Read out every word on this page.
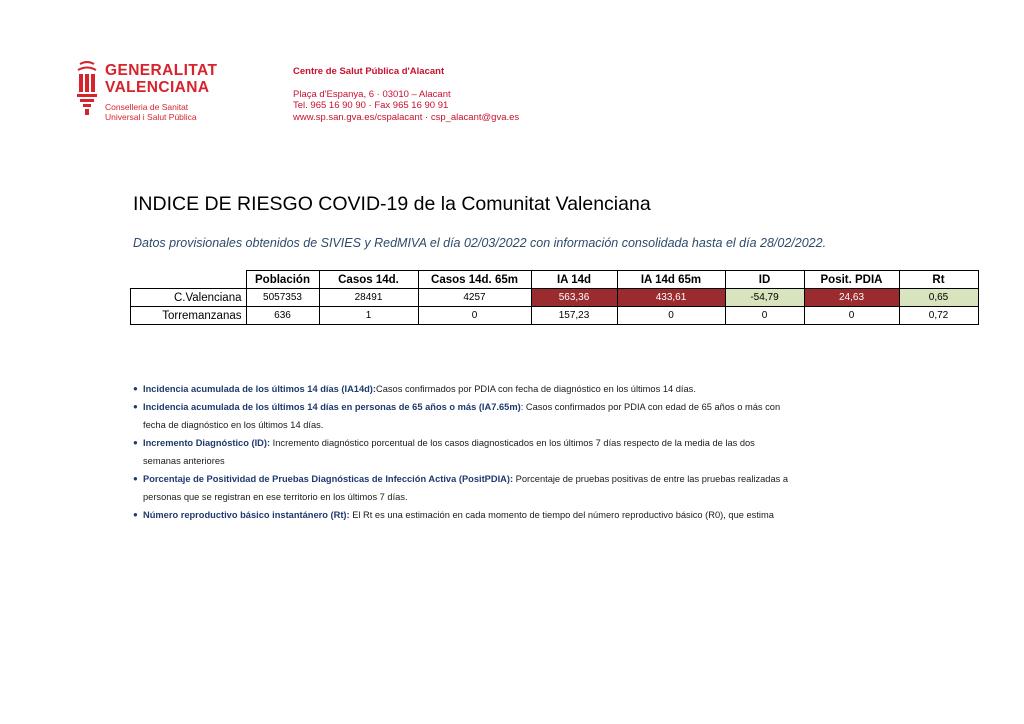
GENERALITAT
VALENCIANA
Conselleria de Sanitat
Universal i Salut Pública
Centre de Salut Pública d'Alacant
Plaça d'Espanya, 6 · 03010 – Alacant
Tel. 965 16 90 90 · Fax 965 16 90 91
www.sp.san.gva.es/cspalacant · csp_alacant@gva.es
INDICE DE RIESGO COVID-19 de la Comunitat Valenciana
Datos provisionales obtenidos de SIVIES y RedMIVA el día 02/03/2022 con información consolidada hasta el día 28/02/2022.
	Población	Casos 14d.	Casos 14d. 65m	IA 14d	IA 14d 65m	ID	Posit. PDIA	Rt
C.Valenciana	5057353	28491	4257	563,36	433,61	-54,79	24,63	0,65
Torremanzanas	636	1	0	157,23	0	0	0	0,72
● Incidencia acumulada de los últimos 14 días (IA14d):Casos confirmados por PDIA con fecha de diagnóstico en los últimos 14 días.
● Incidencia acumulada de los últimos 14 días en personas de 65 años o más (IA7.65m): Casos confirmados por PDIA con edad de 65 años o más con
fecha de diagnóstico en los últimos 14 días.
● Incremento Diagnóstico (ID): Incremento diagnóstico porcentual de los casos diagnosticados en los últimos 7 días respecto de la media de las dos
semanas anteriores
● Porcentaje de Positividad de Pruebas Diagnósticas de Infección Activa (PositPDIA): Porcentaje de pruebas positivas de entre las pruebas realizadas a
personas que se registran en ese territorio en los últimos 7 días.
● Número reproductivo básico instantánero (Rt): El Rt es una estimación en cada momento de tiempo del número reproductivo básico (R0), que estima
